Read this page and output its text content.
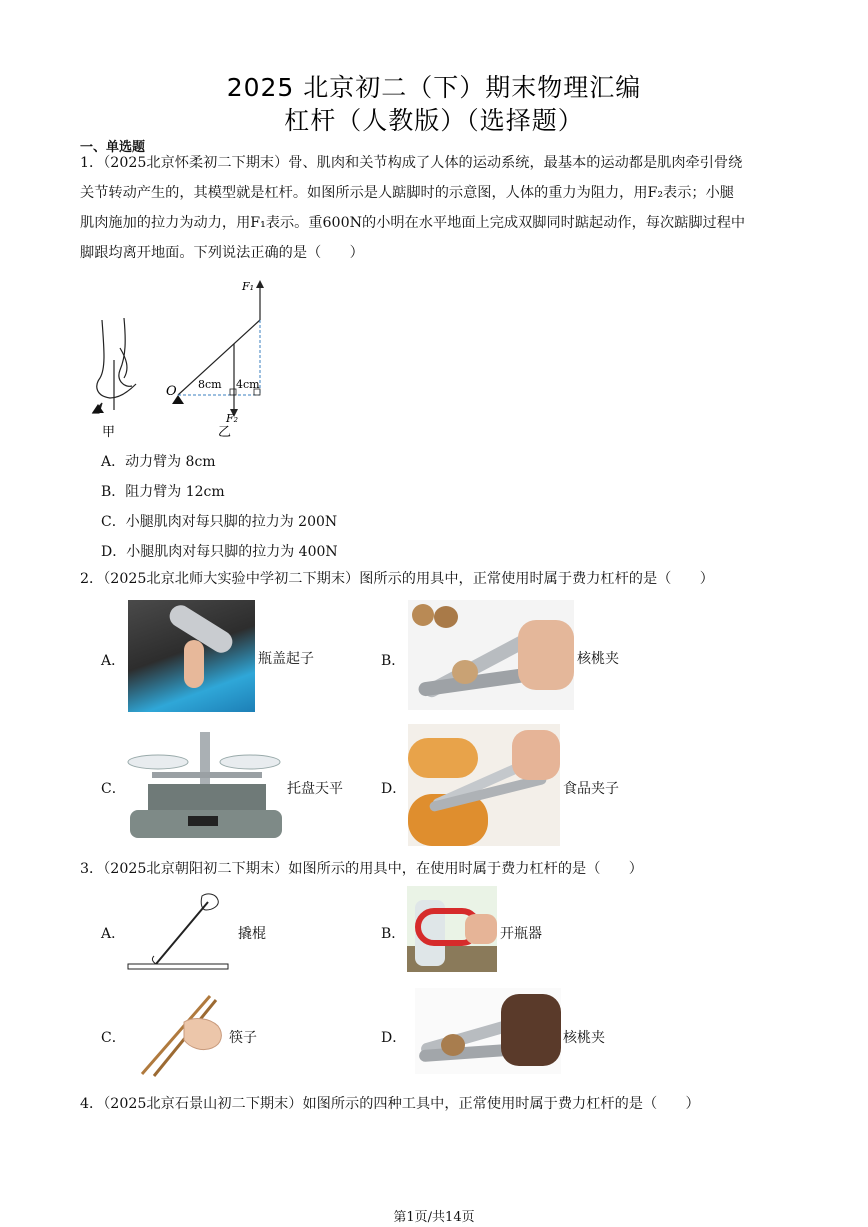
2025 北京初二（下）期末物理汇编
杠杆（人教版）（选择题）
一、单选题
1．（2025北京怀柔初二下期末）骨、肌肉和关节构成了人体的运动系统，最基本的运动都是肌肉牵引骨绕
关节转动产生的，其模型就是杠杆。如图所示是人踮脚时的示意图，人体的重力为阻力，用F₂表示；小腿
肌肉施加的拉力为动力，用F₁表示。重600N的小明在水平地面上完成双脚同时踮起动作，每次踮脚过程中
脚跟均离开地面。下列说法正确的是（　　）
甲
O 8cm 4cm
F₁
F₂
乙
A．动力臂为 8cm
B．阻力臂为 12cm
C．小腿肌肉对每只脚的拉力为 200N
D．小腿肌肉对每只脚的拉力为 400N
2．（2025北京北师大实验中学初二下期末）图所示的用具中，正常使用时属于费力杠杆的是（　　）
A．	瓶盖起子	B．	核桃夹
C．	托盘天平	D．	食品夹子
3．（2025北京朝阳初二下期末）如图所示的用具中，在使用时属于费力杠杆的是（　　）
A．	撬棍	B．	开瓶器
C．	筷子	D．	核桃夹
4．（2025北京石景山初二下期末）如图所示的四种工具中，正常使用时属于费力杠杆的是（　　）
第1页/共14页
